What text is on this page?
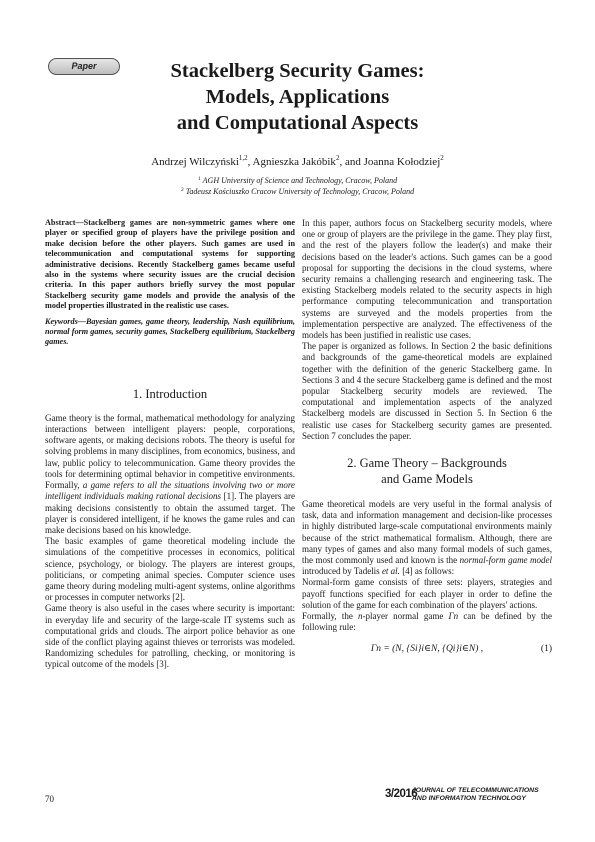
Paper	Stackelberg Security Games:
Models, Applications
and Computational Aspects
Andrzej Wilczyński$^{1,2}$, Agnieszka Jakóbik$^2$, and Joanna Kołodziej$^2$
$^1$ AGH University of Science and Technology, Cracow, Poland
$^2$ Tadeusz Kościuszko Cracow University of Technology, Cracow, Poland

Abstract—Stackelberg games are non-symmetric games where one player or specified group of players have the privilege position and make decision before the other players. Such games are used in telecommunication and computational systems for supporting administrative decisions. Recently Stackelberg games became useful also in the systems where security issues are the crucial decision criteria. In this paper authors briefly survey the most popular Stackelberg security game models and provide the analysis of the model properties illustrated in the realistic use cases.

Keywords—Bayesian games, game theory, leadership, Nash equilibrium, normal form games, security games, Stackelberg equilibrium, Stackelberg games.

1. Introduction

Game theory is the formal, mathematical methodology for analyzing interactions between intelligent players: people, corporations, software agents, or making decisions robots. The theory is useful for solving problems in many disciplines, from economics, business, and law, public policy to telecommunication. Game theory provides the tools for determining optimal behavior in competitive environments. Formally, a game refers to all the situations involving two or more intelligent individuals making rational decisions [1]. The players are making decisions consistently to obtain the assumed target. The player is considered intelligent, if he knows the game rules and can make decisions based on his knowledge.

The basic examples of game theoretical modeling include the simulations of the competitive processes in economics, political science, psychology, or biology. The players are interest groups, politicians, or competing animal species. Computer science uses game theory during modeling multi-agent systems, online algorithms or processes in computer networks [2].

Game theory is also useful in the cases where security is important: in everyday life and security of the large-scale IT systems such as computational grids and clouds. The airport police behavior as one side of the conflict playing against thieves or terrorists was modeled. Randomizing schedules for patrolling, checking, or monitoring is typical outcome of the models [3].

In this paper, authors focus on Stackelberg security models, where one or group of players are the privilege in the game. They play first, and the rest of the players follow the leader(s) and make their decisions based on the leader's actions. Such games can be a good proposal for supporting the decisions in the cloud systems, where security remains a challenging research and engineering task. The existing Stackelberg models related to the security aspects in high performance computing telecommunication and transportation systems are surveyed and the models properties from the implementation perspective are analyzed. The effectiveness of the models has been justified in realistic use cases.

The paper is organized as follows. In Section 2 the basic definitions and backgrounds of the game-theoretical models are explained together with the definition of the generic Stackelberg game. In Sections 3 and 4 the secure Stackelberg game is defined and the most popular Stackelberg security models are reviewed. The computational and implementation aspects of the analyzed Stackelberg models are discussed in Section 5. In Section 6 the realistic use cases for Stackelberg security games are presented. Section 7 concludes the paper.

2. Game Theory – Backgrounds
and Game Models

Game theoretical models are very useful in the formal analysis of task, data and information management and decision-like processes in highly distributed large-scale computational environments mainly because of the strict mathematical formalism. Although, there are many types of games and also many formal models of such games, the most commonly used and known is the normal-form game model introduced by Tadelis et al. [4] as follows:

Normal-form game consists of three sets: players, strategies and payoff functions specified for each player in order to define the solution of the game for each combination of the players' actions.

Formally, the n-player normal game Γn can be defined by the following rule:

Γn = (N, {Si}i∈N, {Qi}i∈N) ,	(1)
70	3/2016
JOURNAL OF TELECOMMUNICATIONS
AND INFORMATION TECHNOLOGY
